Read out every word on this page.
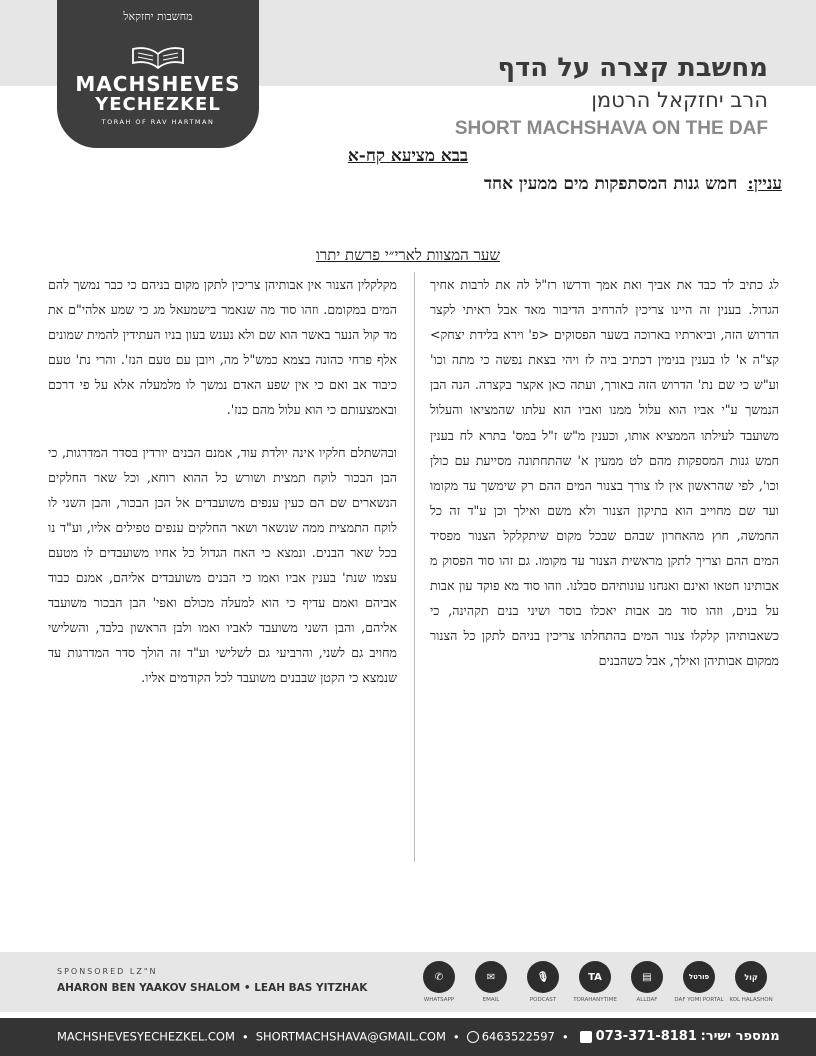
מחשבות יחזקאל
MACHSHEVES
YECHEZKEL
TORAH OF RAV HARTMAN
מחשבת קצרה על הדף
הרב יחזקאל הרטמן
SHORT MACHSHAVA ON THE DAF
בבא מציעא קח-א
עניין:חמש גנות המסתפקות מים ממעין אחד
שער המצוות לארי״י פרשת יתרו

לג כתיב לד כבד את אביך ואת אמך ודרשו רז"ל לה את לרבות אחיך הגדול. בענין זה היינו צריכין להרחיב הדיבור מאד אבל ראיתי לקצר הדרוש הזה, וביארתיו בארוכה בשער הפסוקים <פ' וירא בלידת יצחק> קצ"ה א' לו בענין בנימין דכתיב ביה לז ויהי בצאת נפשה כי מתה וכו' וע"ש כי שם נת' הדרוש הזה באורך, ועתה כאן אקצר בקצרה. הנה הבן הנמשך ע"י אביו הוא עלול ממנו ואביו הוא עלתו שהמציאו והעלול משועבד לעילתו הממציא אותו, וכענין מ"ש ז"ל במס' בתרא לח בענין חמש גנות המספקות מהם לט ממעין א' שהתחתונה מסייעת עם כולן וכו', לפי שהראשון אין לו צורך בצנור המים ההם רק שימשך עד מקומו ועד שם מחוייב הוא בתיקון הצנור ולא משם ואילך וכן ע"ד זה כל החמשה, חוץ מהאחרון שבהם שבכל מקום שיתקלקל הצנור מפסיד המים ההם וצריך לתקן מראשית הצנור עד מקומו. גם זהו סוד הפסוק מ אבותינו חטאו ואינם ואנחנו עונותיהם סבלנו. וזהו סוד מא פוקד עון אבות על בנים, וזהו סוד מב אבות יאכלו בוסר ושיני בנים תקהינה, כי כשאבותיהן קלקלו צנור המים בהתחלתו צריכין בניהם לתקן כל הצנור ממקום אבותיהן ואילך, אבל כשהבנים

מקלקלין הצנור אין אבותיהן צריכין לתקן מקום בניהם כי כבר נמשך להם המים במקומם. וזהו סוד מה שנאמר בישמעאל מג כי שמע אלהי"ם את מד קול הנער באשר הוא שם ולא נענש בעון בניו העתידין להמית שמונים אלף פרחי כהונה בצמא כמש"ל מה, ויובן עם טעם הנז'. והרי נת' טעם כיבוד אב ואם כי אין שפע האדם נמשך לו מלמעלה אלא על פי דרכם ובאמצעותם כי הוא עלול מהם כנז'.

ובהשתלם חלקיו אינה יולדת עוד, אמנם הבנים יורדין בסדר המדרגות, כי הבן הבכור לוקח תמצית ושורש כל ההוא רוחא, וכל שאר החלקים הנשארים שם הם כעין ענפים משועבדים אל הבן הבכור, והבן השני לו לוקח התמצית ממה שנשאר ושאר החלקים ענפים טפילים אליו, וע"ד נו בכל שאר הבנים. ונמצא כי האח הגדול כל אחיו משועבדים לו מטעם עצמו שנת' בענין אביו ואמו כי הבנים משועבדים אליהם, אמנם כבוד אביהם ואמם עדיף כי הוא למעלה מכולם ואפי' הבן הבכור משועבד אליהם, והבן השני משועבד לאביו ואמו ולבן הראשון בלבד, והשלישי מחויב גם לשני, והרביעי גם לשלישי וע"ד זה הולך סדר המדרגות עד שנמצא כי הקטן שבבנים משועבד לכל הקודמים אליו.

SPONSORED LZ"N
AHARON BEN YAAKOV SHALOM • LEAH BAS YITZHAK
✆
WHATSAPP
✉
EMAIL
🎙
PODCAST
TA
TORAHANYTIME
▤
ALLDAF
פורטל
DAF YOMI PORTAL
קול
KOL HALASHON
MACHSHEVESYECHEZKEL.COM • SHORTMACHSHAVA@GMAIL.COM • 6463522597 • 073-371-8181 ממספר ישיר:
